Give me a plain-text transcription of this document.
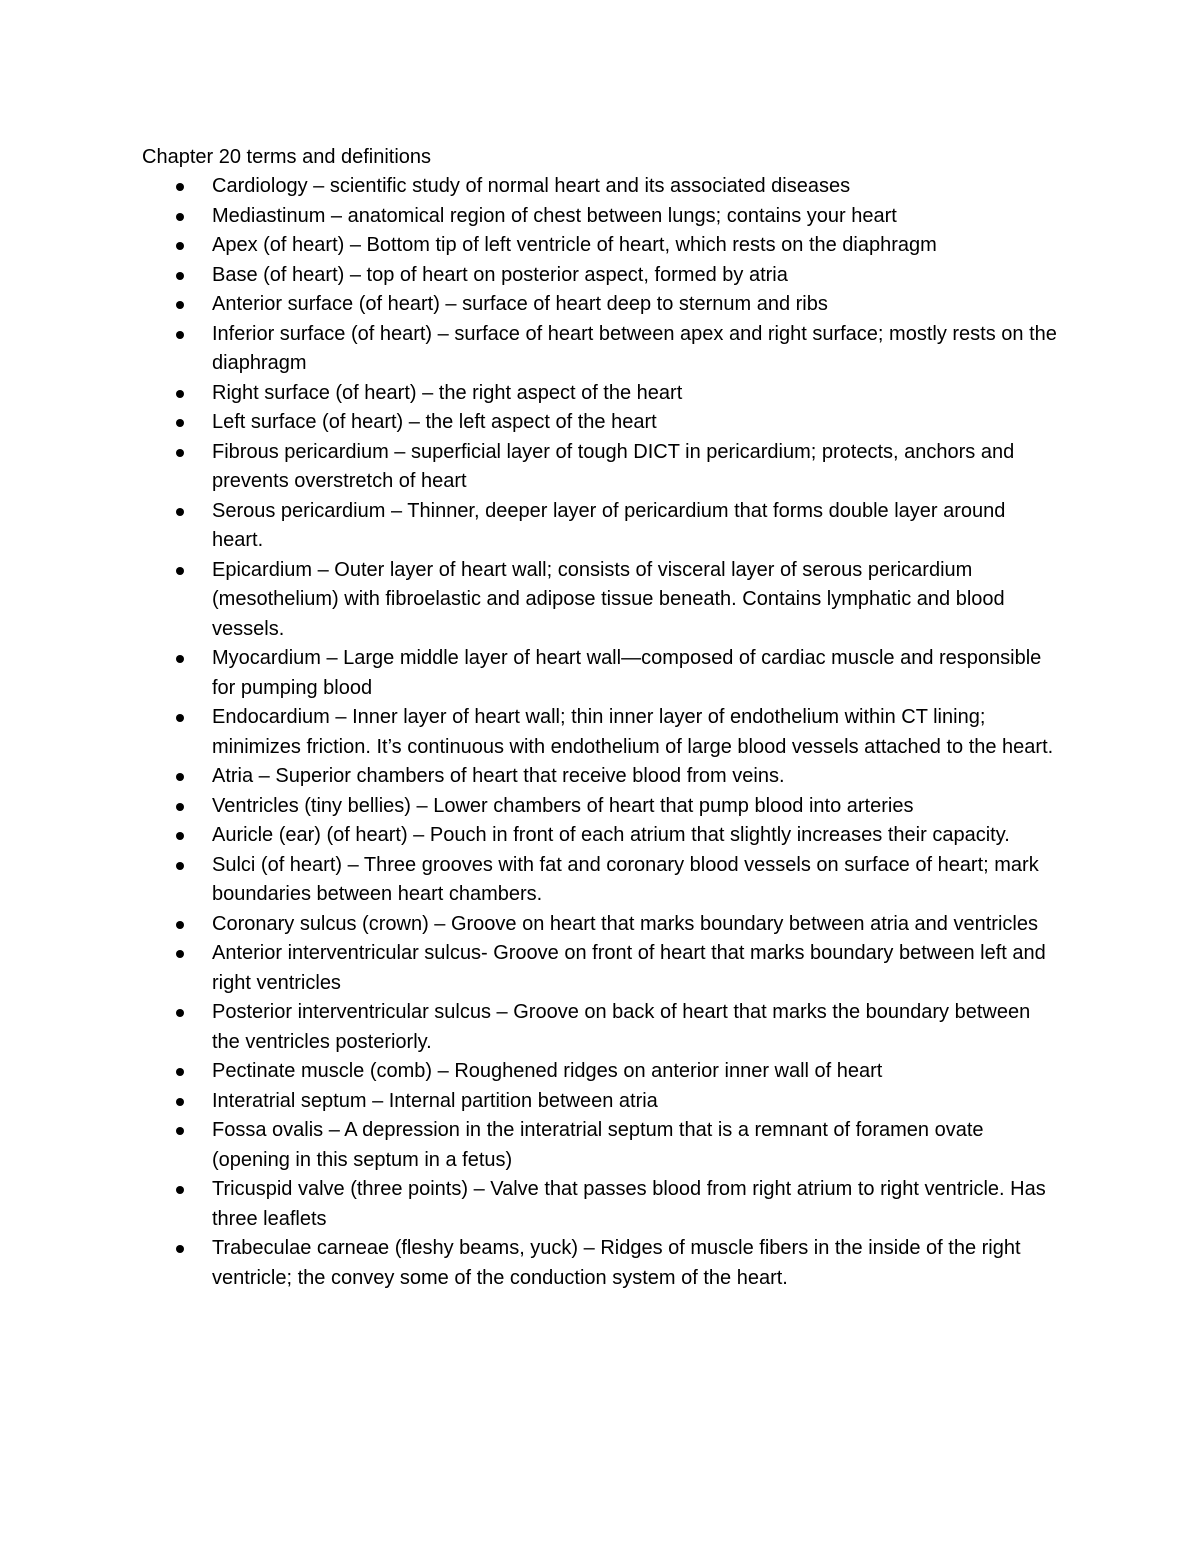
Chapter 20 terms and definitions
Cardiology – scientific study of normal heart and its associated diseases
Mediastinum – anatomical region of chest between lungs; contains your heart
Apex (of heart) – Bottom tip of left ventricle of heart, which rests on the diaphragm
Base (of heart) – top of heart on posterior aspect, formed by atria
Anterior surface (of heart) – surface of heart deep to sternum and ribs
Inferior surface (of heart) – surface of heart between apex and right surface; mostly rests on the diaphragm
Right surface (of heart) – the right aspect of the heart
Left surface (of heart) – the left aspect of the heart
Fibrous pericardium – superficial layer of tough DICT in pericardium; protects, anchors and prevents overstretch of heart
Serous pericardium – Thinner, deeper layer of pericardium that forms double layer around heart.
Epicardium – Outer layer of heart wall; consists of visceral layer of serous pericardium (mesothelium) with fibroelastic and adipose tissue beneath. Contains lymphatic and blood vessels.
Myocardium – Large middle layer of heart wall—composed of cardiac muscle and responsible for pumping blood
Endocardium – Inner layer of heart wall; thin inner layer of endothelium within CT lining; minimizes friction. It’s continuous with endothelium of large blood vessels attached to the heart.
Atria – Superior chambers of heart that receive blood from veins.
Ventricles (tiny bellies) – Lower chambers of heart that pump blood into arteries
Auricle (ear) (of heart) – Pouch in front of each atrium that slightly increases their capacity.
Sulci (of heart) – Three grooves with fat and coronary blood vessels on surface of heart; mark boundaries between heart chambers.
Coronary sulcus (crown) – Groove on heart that marks boundary between atria and ventricles
Anterior interventricular sulcus- Groove on front of heart that marks boundary between left and right ventricles
Posterior interventricular sulcus – Groove on back of heart that marks the boundary between the ventricles posteriorly.
Pectinate muscle (comb) – Roughened ridges on anterior inner wall of heart
Interatrial septum – Internal partition between atria
Fossa ovalis – A depression in the interatrial septum that is a remnant of foramen ovate (opening in this septum in a fetus)
Tricuspid valve (three points) – Valve that passes blood from right atrium to right ventricle. Has three leaflets
Trabeculae carneae (fleshy beams, yuck) – Ridges of muscle fibers in the inside of the right ventricle; the convey some of the conduction system of the heart.
